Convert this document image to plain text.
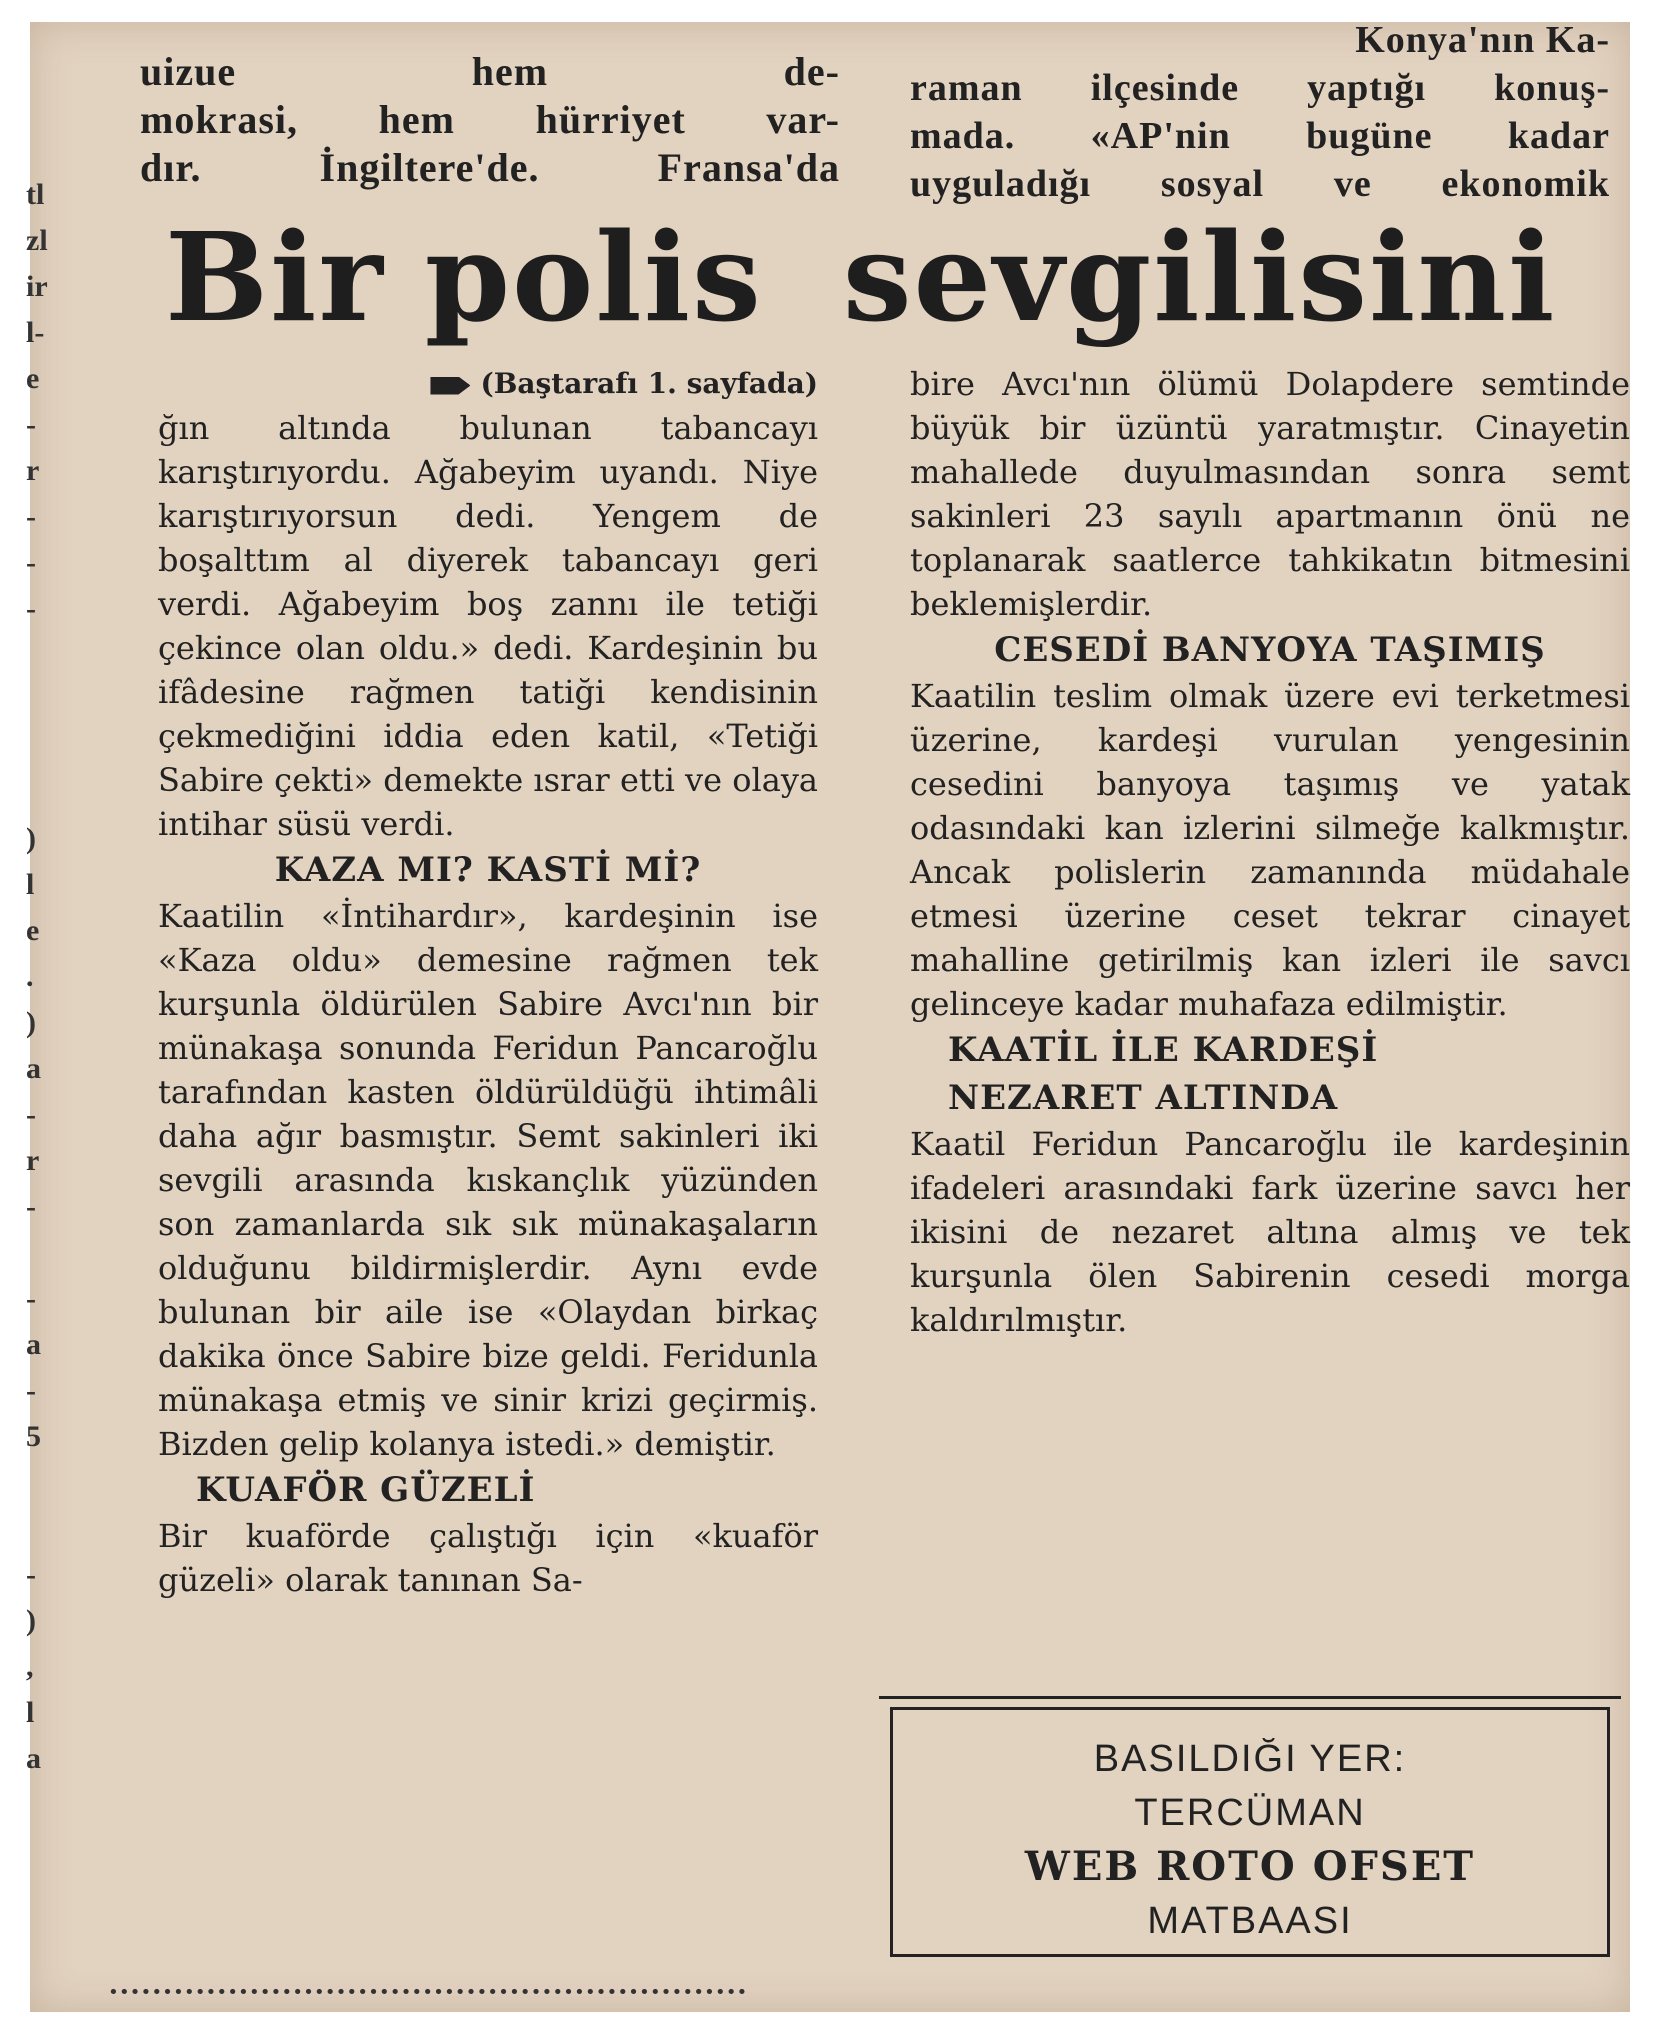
tl
zl
ir
l-
e
-
r
-
-
-
)
l
e
.
)
a
-
r
-
-
a
-
5
-
)
,
l
a
uizue hem de-
mokrasi, hem hürriyet var-
dır. İngiltere'de. Fransa'da
Konya'nın Ka-
raman ilçesinde yaptığı konuş-
mada. «AP'nin bugüne kadar
uyguladığı sosyal ve ekonomik
Bir polis sevgilisini

(Baştarafı 1. sayfada)

ğın altında bulunan tabancayı karıştırıyordu. Ağabeyim uyandı. Niye karıştırıyorsun dedi. Yengem de boşalttım al diyerek tabancayı geri verdi. Ağabeyim boş zannı ile tetiği çekince olan oldu.» dedi. Kardeşinin bu ifâdesine rağmen tatiği kendisinin çekmediğini iddia eden katil, «Tetiği Sabire çekti» demekte ısrar etti ve olaya intihar süsü verdi.

KAZA MI? KASTİ Mİ?

Kaatilin «İntihardır», kardeşinin ise «Kaza oldu» demesine rağmen tek kurşunla öldürülen Sabire Avcı'nın bir münakaşa sonunda Feridun Pancaroğlu tarafından kasten öldürüldüğü ihtimâli daha ağır basmıştır. Semt sakinleri iki sevgili arasında kıskançlık yüzünden son zamanlarda sık sık münakaşaların olduğunu bildirmişlerdir. Aynı evde bulunan bir aile ise «Olaydan birkaç dakika önce Sabire bize geldi. Feridunla münakaşa etmiş ve sinir krizi geçirmiş. Bizden gelip kolanya istedi.» demiştir.

KUAFÖR GÜZELİ

Bir kuaförde çalıştığı için «kuaför güzeli» olarak tanınan Sa-

bire Avcı'nın ölümü Dolapdere semtinde büyük bir üzüntü yaratmıştır. Cinayetin mahallede duyulmasından sonra semt sakinleri 23 sayılı apartmanın önü ne toplanarak saatlerce tahkikatın bitmesini beklemişlerdir.

CESEDİ BANYOYA TAŞIMIŞ

Kaatilin teslim olmak üzere evi terketmesi üzerine, kardeşi vurulan yengesinin cesedini banyoya taşımış ve yatak odasındaki kan izlerini silmeğe kalkmıştır. Ancak polislerin zamanında müdahale etmesi üzerine ceset tekrar cinayet mahalline getirilmiş kan izleri ile savcı gelinceye kadar muhafaza edilmiştir.

KAATİL İLE KARDEŞİ

NEZARET ALTINDA

Kaatil Feridun Pancaroğlu ile kardeşinin ifadeleri arasındaki fark üzerine savcı her ikisini de nezaret altına almış ve tek kurşunla ölen Sabirenin cesedi morga kaldırılmıştır.

BASILDIĞI YER:
TERCÜMAN
WEB ROTO OFSET
MATBAASI
•••••••••••••••••••••••••••••••••••••••••••••••••••••••••••
